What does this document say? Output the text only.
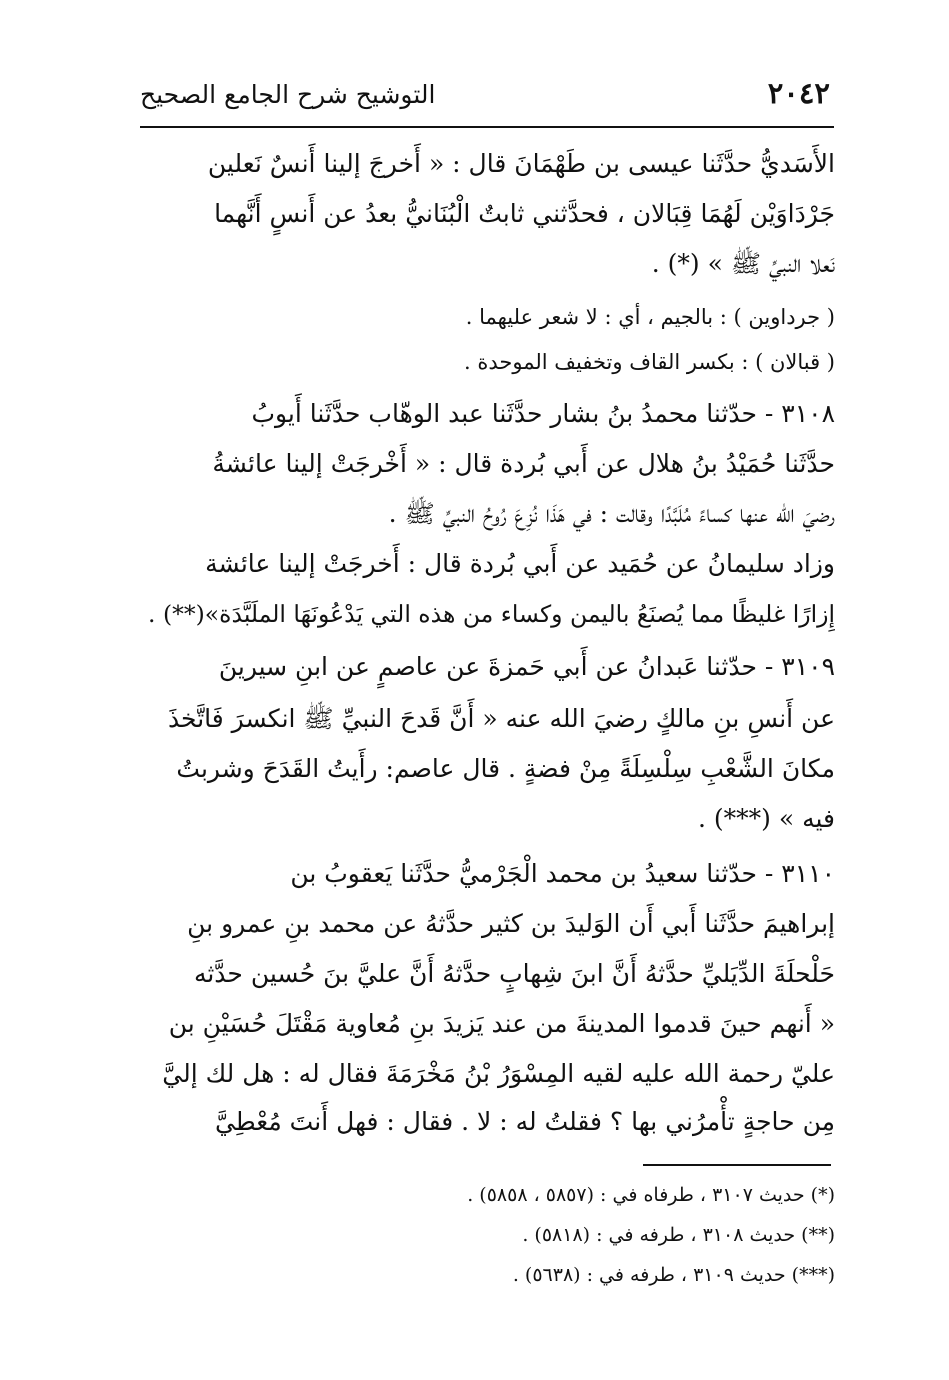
التوشيح شرح الجامع الصحيح	٢٠٤٢
الأَسَديُّ حدَّثَنا عيسى بن طَهْمَانَ قال : « أَخرجَ إلينا أَنسٌ نَعلين
جَرْدَاوَيْن لَهُمَا قِبَالان ، فحدَّثني ثابتٌ الْبُنَانيُّ بعدُ عن أَنسٍ أَنَّهما
نَعلا النبيِّ ﷺ » (*) .
( جرداوين ) : بالجيم ، أي : لا شعر عليهما .
( قبالان ) : بكسر القاف وتخفيف الموحدة .
٣١٠٨ - حدّثنا محمدُ بنُ بشار حدَّثَنا عبد الوهّاب حدَّثَنا أَيوبُ
حدَّثَنا حُمَيْدُ بنُ هلال عن أَبي بُردة قال : « أَخْرجَتْ إلينا عائشةُ
رضيَ الله عنها كساءً مُلَبَّدًا وقالت : في هَذَا نُزِعَ رُوحُ النبيِّ ﷺ .
وزاد سليمانُ عن حُمَيد عن أَبي بُردة قال : أَخرجَتْ إلينا عائشة
إِزارًا غليظًا مما يُصنَعُ باليمن وكساء من هذه التي يَدْعُونَهَا الملَبَّدَة»(**) .
٣١٠٩ - حدّثنا عَبدانُ عن أَبي حَمزةَ عن عاصمٍ عن ابنِ سيرينَ
عن أَنسِ بنِ مالكٍ رضيَ الله عنه « أَنَّ قَدحَ النبيِّ ﷺ انكسرَ فَاتَّخذَ
مكانَ الشَّعْبِ سِلْسِلَةً مِنْ فضةٍ . قال عاصم: رأَيتُ القَدَحَ وشربتُ
فيه » (***) .
٣١١٠ - حدّثنا سعيدُ بن محمد الْجَرْميُّ حدَّثَنا يَعقوبُ بن
إبراهيمَ حدَّثَنا أَبي أَن الوَليدَ بن كثير حدَّثهُ عن محمد بنِ عمرو بنِ
حَلْحلَةَ الدِّيَليِّ حدَّثهُ أَنَّ ابنَ شِهابٍ حدَّثهُ أَنَّ عليَّ بنَ حُسين حدَّثه
« أَنهم حينَ قدموا المدينةَ من عند يَزيدَ بنِ مُعاوية مَقْتَلَ حُسَيْنِ بن
عليّ رحمة الله عليه لقيه المِسْوَرُ بْنُ مَخْرَمَةَ فقال له : هل لك إليَّ
مِن حاجةٍ تأْمرُني بها ؟ فقلتُ له : لا . فقال : فهل أَنتَ مُعْطِيَّ
(*) حديث ٣١٠٧ ، طرفاه في : (٥٨٥٧ ، ٥٨٥٨) .
(**) حديث ٣١٠٨ ، طرفه في : (٥٨١٨) .
(***) حديث ٣١٠٩ ، طرفه في : (٥٦٣٨) .
